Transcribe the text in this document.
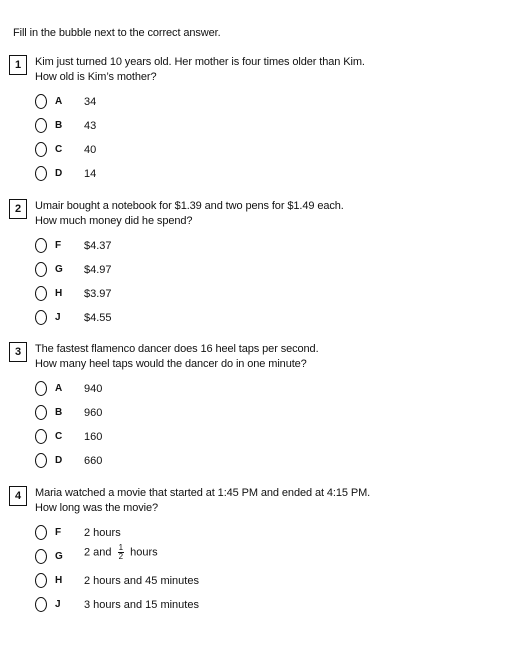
Fill in the bubble next to the correct answer.
1	Kim just turned 10 years old. Her mother is four times older than Kim.
How old is Kim’s mother?
A 34
B 43
C 40
D 14
2	Umair bought a notebook for $1.39 and two pens for $1.49 each.
How much money did he spend?
F $4.37
G $4.97
H $3.97
J $4.55
3	The fastest flamenco dancer does 16 heel taps per second.
How many heel taps would the dancer do in one minute?
A 940
B 960
C 160
D 660
4	Maria watched a movie that started at 1:45 PM and ended at 4:15 PM.
How long was the movie?
F 2 hours
G 2 and $\frac{1}{2}$ hours
H 2 hours and 45 minutes
J 3 hours and 15 minutes
